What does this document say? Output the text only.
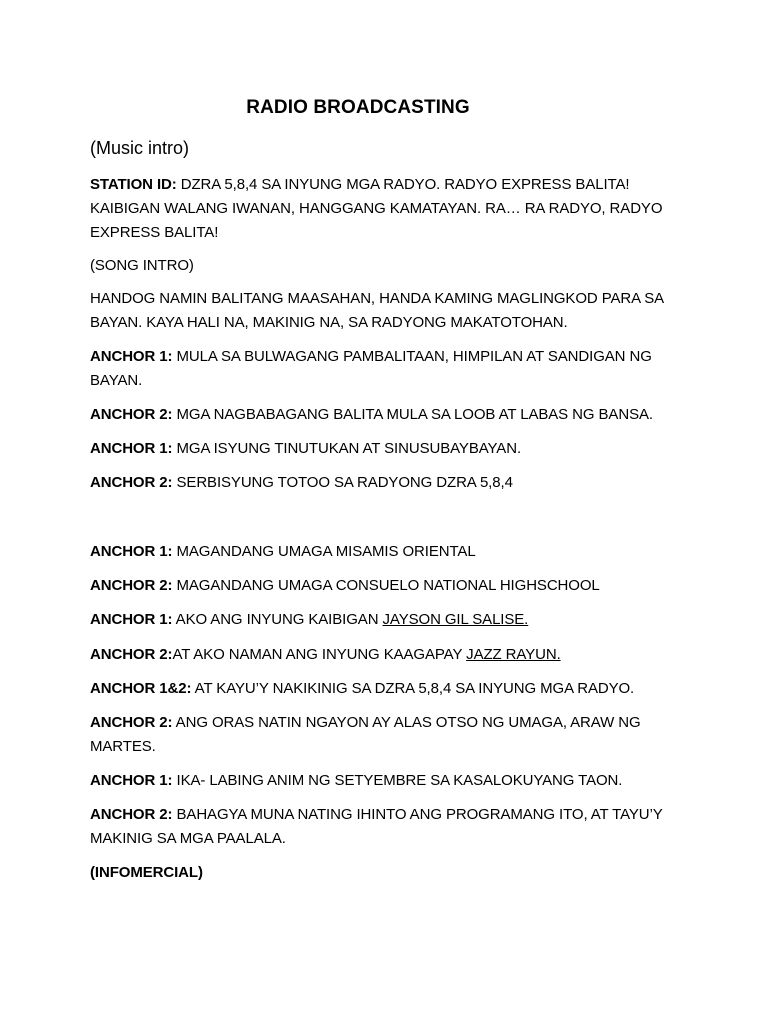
RADIO BROADCASTING
(Music intro)
STATION ID: DZRA 5,8,4 SA INYUNG MGA RADYO. RADYO EXPRESS BALITA! KAIBIGAN WALANG IWANAN, HANGGANG KAMATAYAN. RA… RA RADYO, RADYO EXPRESS BALITA!
(SONG INTRO)
HANDOG NAMIN BALITANG MAASAHAN, HANDA KAMING MAGLINGKOD PARA SA BAYAN. KAYA HALI NA, MAKINIG NA, SA RADYONG MAKATOTOHAN.
ANCHOR 1: MULA SA BULWAGANG PAMBALITAAN, HIMPILAN AT SANDIGAN NG BAYAN.
ANCHOR 2: MGA NAGBABAGANG BALITA MULA SA LOOB AT LABAS NG BANSA.
ANCHOR 1: MGA ISYUNG TINUTUKAN AT SINUSUBAYBAYAN.
ANCHOR 2: SERBISYUNG TOTOO SA RADYONG DZRA 5,8,4
ANCHOR 1: MAGANDANG UMAGA MISAMIS ORIENTAL
ANCHOR 2: MAGANDANG UMAGA CONSUELO NATIONAL HIGHSCHOOL
ANCHOR 1: AKO ANG INYUNG KAIBIGAN JAYSON GIL SALISE.
ANCHOR 2:AT AKO NAMAN ANG INYUNG KAAGAPAY JAZZ RAYUN.
ANCHOR 1&2: AT KAYU’Y NAKIKINIG SA DZRA 5,8,4 SA INYUNG MGA RADYO.
ANCHOR 2: ANG ORAS NATIN NGAYON AY ALAS OTSO NG UMAGA, ARAW NG MARTES.
ANCHOR 1: IKA- LABING ANIM NG SETYEMBRE SA KASALOKUYANG TAON.
ANCHOR 2: BAHAGYA MUNA NATING IHINTO ANG PROGRAMANG ITO, AT TAYU’Y MAKINIG SA MGA PAALALA.
(INFOMERCIAL)
